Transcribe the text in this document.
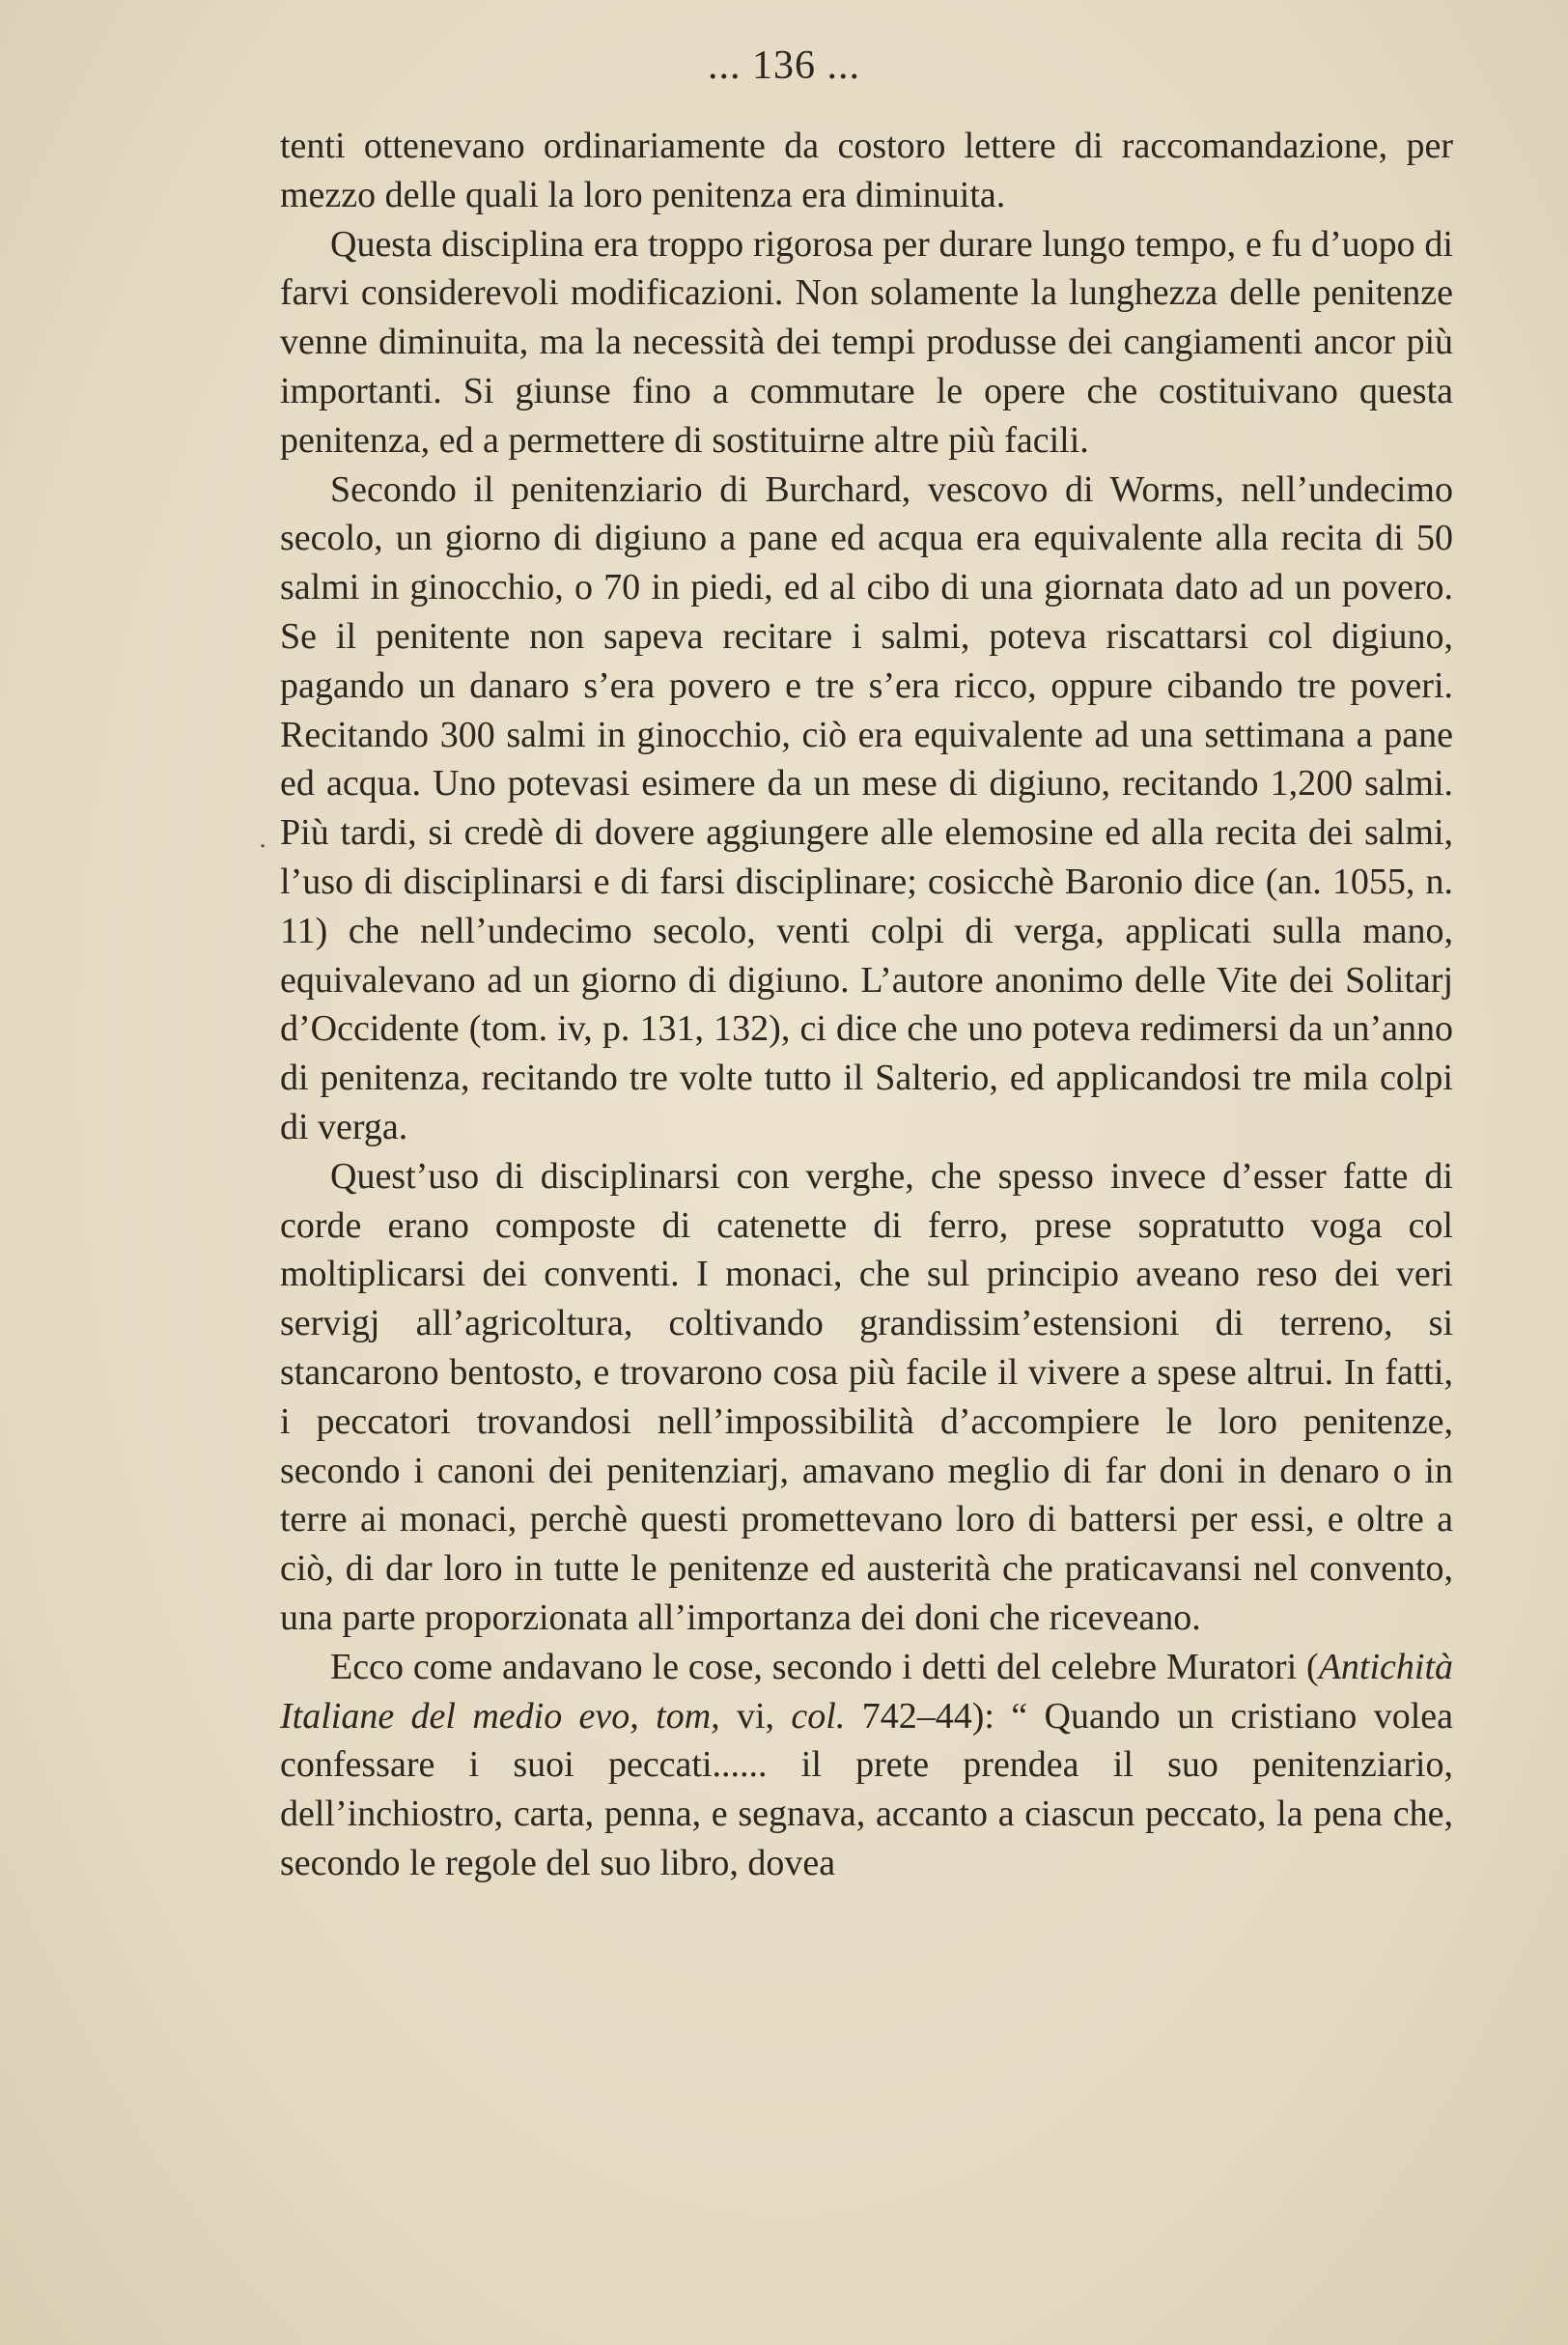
... 136 ...
·

tenti ottenevano ordinariamente da costoro lettere di raccomandazione, per mezzo delle quali la loro penitenza era diminuita.

Questa disciplina era troppo rigorosa per durare lungo tempo, e fu d’uopo di farvi considerevoli modificazioni. Non solamente la lunghezza delle penitenze venne diminuita, ma la necessità dei tempi produsse dei cangiamenti ancor più importanti. Si giunse fino a commutare le opere che costituivano questa penitenza, ed a permettere di sostituirne altre più facili.

Secondo il penitenziario di Burchard, vescovo di Worms, nell’undecimo secolo, un giorno di digiuno a pane ed acqua era equivalente alla recita di 50 salmi in ginocchio, o 70 in piedi, ed al cibo di una giornata dato ad un povero. Se il penitente non sapeva recitare i salmi, poteva riscattarsi col digiuno, pagando un danaro s’era povero e tre s’era ricco, oppure cibando tre poveri. Recitando 300 salmi in ginocchio, ciò era equivalente ad una settimana a pane ed acqua. Uno potevasi esimere da un mese di digiuno, recitando 1,200 salmi. Più tardi, si credè di dovere aggiungere alle elemosine ed alla recita dei salmi, l’uso di disciplinarsi e di farsi disciplinare; cosicchè Baronio dice (an. 1055, n. 11) che nell’undecimo secolo, venti colpi di verga, applicati sulla mano, equivalevano ad un giorno di digiuno. L’autore anonimo delle Vite dei Solitarj d’Occidente (tom. iv, p. 131, 132), ci dice che uno poteva redimersi da un’anno di penitenza, recitando tre volte tutto il Salterio, ed applicandosi tre mila colpi di verga.

Quest’uso di disciplinarsi con verghe, che spesso invece d’esser fatte di corde erano composte di catenette di ferro, prese sopratutto voga col moltiplicarsi dei conventi. I monaci, che sul principio aveano reso dei veri servigj all’agricoltura, coltivando grandissim’estensioni di terreno, si stancarono bentosto, e trovarono cosa più facile il vivere a spese altrui. In fatti, i peccatori trovandosi nell’impossibilità d’accompiere le loro penitenze, secondo i canoni dei penitenziarj, amavano meglio di far doni in denaro o in terre ai monaci, perchè questi promettevano loro di battersi per essi, e oltre a ciò, di dar loro in tutte le penitenze ed austerità che praticavansi nel convento, una parte proporzionata all’importanza dei doni che riceveano.

Ecco come andavano le cose, secondo i detti del celebre Muratori (Antichità Italiane del medio evo, tom, vi, col. 742–44): “ Quando un cristiano volea confessare i suoi peccati...... il prete prendea il suo penitenziario, dell’inchiostro, carta, penna, e segnava, accanto a ciascun peccato, la pena che, secondo le regole del suo libro, dovea
